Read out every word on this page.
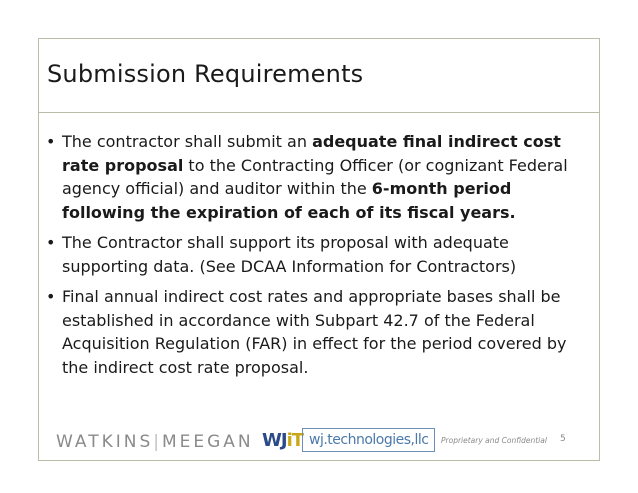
Submission Requirements
• The contractor shall submit an adequate final indirect cost rate proposal to the Contracting Officer (or cognizant Federal agency official) and auditor within the 6-month period following the expiration of each of its fiscal years.
• The Contractor shall support its proposal with adequate supporting data. (See DCAA Information for Contractors)
• Final annual indirect cost rates and appropriate bases shall be established in accordance with Subpart 42.7 of the Federal Acquisition Regulation (FAR) in effect for the period covered by the indirect cost rate proposal.
WATKINS|MEEGAN WJiT wj.technologies,llc	Proprietary and Confidential 5
